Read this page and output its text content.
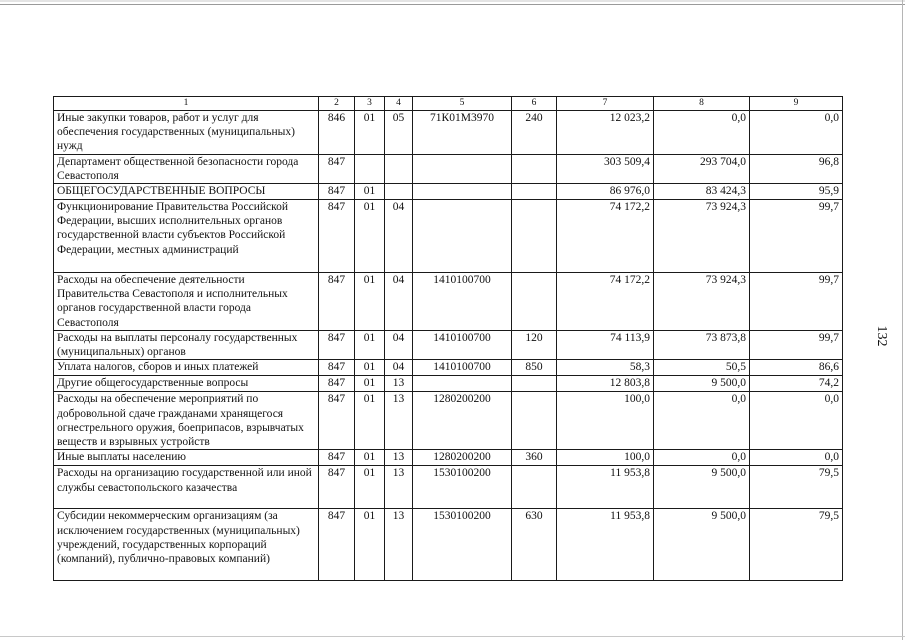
1	2	3	4	5	6	7	8	9
Иные закупки товаров, работ и услуг для обеспечения государственных (муниципальных) нужд	846	01	05	71К01М3970	240	12 023,2	0,0	0,0
Департамент общественной безопасности города Севастополя	847					303 509,4	293 704,0	96,8
ОБЩЕГОСУДАРСТВЕННЫЕ ВОПРОСЫ	847	01				86 976,0	83 424,3	95,9
Функционирование Правительства Российской Федерации, высших исполнительных органов государственной власти субъектов Российской Федерации, местных администраций	847	01	04			74 172,2	73 924,3	99,7
Расходы на обеспечение деятельности Правительства Севастополя и исполнительных органов государственной власти города Севастополя	847	01	04	1410100700		74 172,2	73 924,3	99,7
Расходы на выплаты персоналу государственных (муниципальных) органов	847	01	04	1410100700	120	74 113,9	73 873,8	99,7
Уплата налогов, сборов и иных платежей	847	01	04	1410100700	850	58,3	50,5	86,6
Другие общегосударственные вопросы	847	01	13			12 803,8	9 500,0	74,2
Расходы на обеспечение мероприятий по добровольной сдаче гражданами хранящегося огнестрельного оружия, боеприпасов, взрывчатых веществ и взрывных устройств	847	01	13	1280200200		100,0	0,0	0,0
Иные выплаты населению	847	01	13	1280200200	360	100,0	0,0	0,0
Расходы на организацию государственной или иной службы севастопольского казачества	847	01	13	1530100200		11 953,8	9 500,0	79,5
Субсидии некоммерческим организациям (за исключением государственных (муниципальных) учреждений, государственных корпораций (компаний), публично-правовых компаний)	847	01	13	1530100200	630	11 953,8	9 500,0	79,5
132
